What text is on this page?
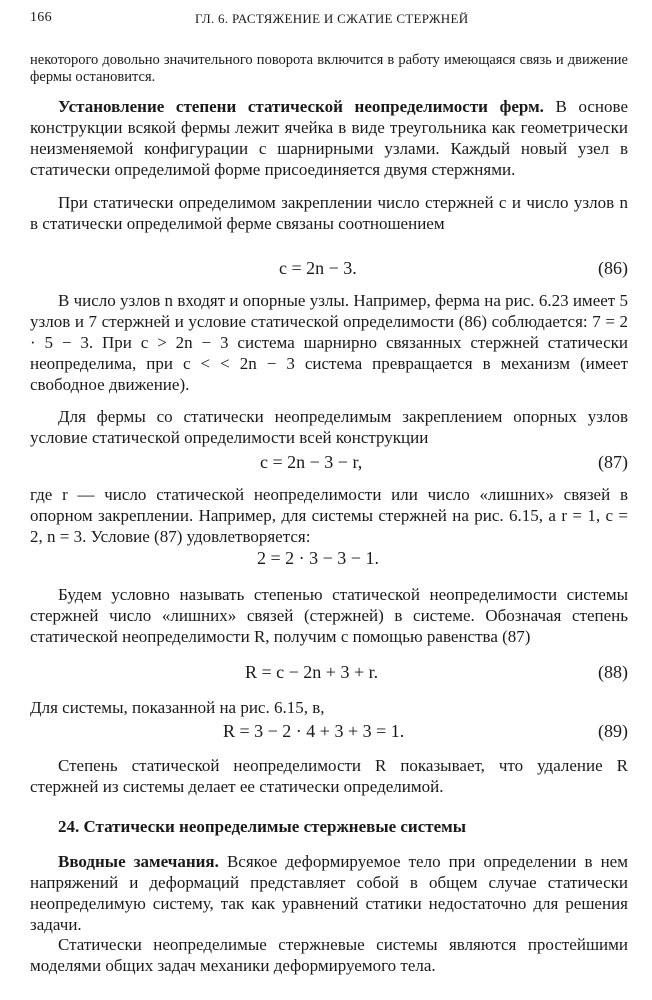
166	ГЛ. 6. РАСТЯЖЕНИЕ И СЖАТИЕ СТЕРЖНЕЙ
некоторого довольно значительного поворота включится в работу имеющаяся связь и движение фермы остановится.
Установление степени статической неопределимости ферм. В основе конструкции всякой фермы лежит ячейка в виде треугольника как геометрически неизменяемой конфигурации с шарнирными узлами. Каждый новый узел в статически определимой форме присоединяется двумя стержнями.
При статически определимом закреплении число стержней c и число узлов n в статически определимой ферме связаны соотношением
c = 2n − 3.	(86)
В число узлов n входят и опорные узлы. Например, ферма на рис. 6.23 имеет 5 узлов и 7 стержней и условие статической определимости (86) соблюдается: 7 = 2 · 5 − 3. При c > 2n − 3 система шарнирно связанных стержней статически неопределима, при c < < 2n − 3 система превращается в механизм (имеет свободное движение).
Для фермы со статически неопределимым закреплением опорных узлов условие статической определимости всей конструкции
c = 2n − 3 − r,	(87)
где r — число статической неопределимости или число «лишних» связей в опорном закреплении. Например, для системы стержней на рис. 6.15, а r = 1, c = 2, n = 3. Условие (87) удовлетворяется:
2 = 2 · 3 − 3 − 1.
Будем условно называть степенью статической неопределимости системы стержней число «лишних» связей (стержней) в системе. Обозначая степень статической неопределимости R, получим с помощью равенства (87)
R = c − 2n + 3 + r.	(88)
Для системы, показанной на рис. 6.15, в,
R = 3 − 2 · 4 + 3 + 3 = 1.	(89)
Степень статической неопределимости R показывает, что удаление R стержней из системы делает ее статически определимой.
24. Статически неопределимые стержневые системы
Вводные замечания. Всякое деформируемое тело при определении в нем напряжений и деформаций представляет собой в общем случае статически неопределимую систему, так как уравнений статики недостаточно для решения задачи.
Статически неопределимые стержневые системы являются простейшими моделями общих задач механики деформируемого тела.
